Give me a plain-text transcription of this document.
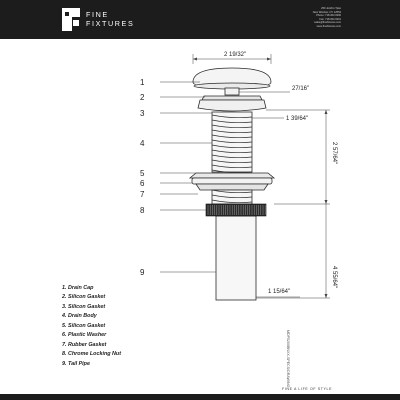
FINE
FIXTURES
250 Jericho Tpke
New Windsor, NY 12553
Phone: 718.303.0300
Fax: 718.303.0301
sales@finefixtures.com
www.finefixtures.com
1
2
3
4
5
6
7
8
9
2 19/32"
27/16"
1 39/64"
1 15/64"
2 57/64"
4 55/64"
1. Drain Cap
2. Silicon Gasket
3. Silicon Gasket
4. Drain Body
5. Silicon Gasket
6. Plastic Washer
7. Rubber Gasket
8. Chrome Locking Nut
9. Tail Pipe	MDP5200BNXX-SPECS/DRAWING
FINE A LIFE OF STYLE
